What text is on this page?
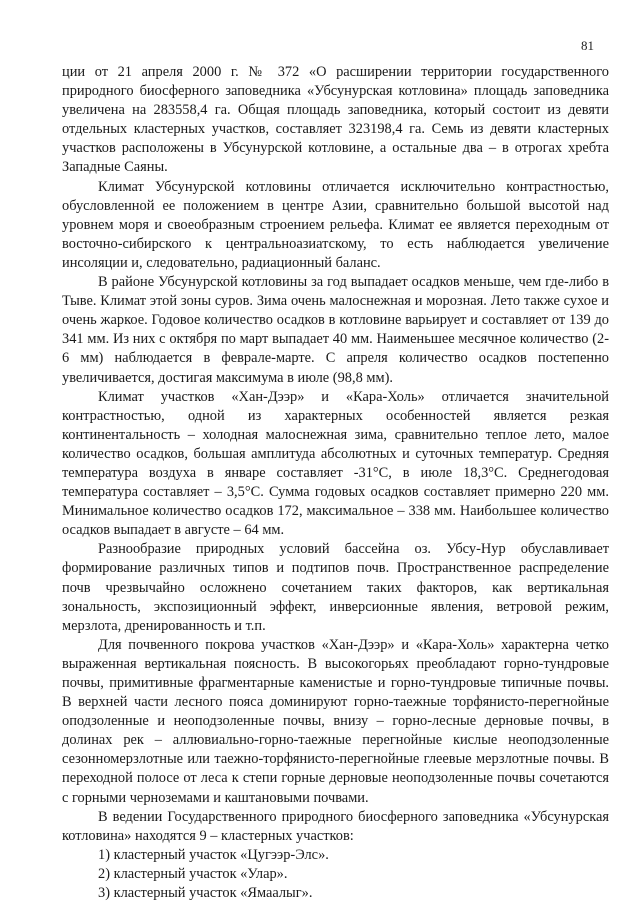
81

ции от 21 апреля 2000 г. № 372 «О расширении территории государственного природного биосферного заповедника «Убсунурская котловина» площадь заповедника увеличена на 283558,4 га. Общая площадь заповедника, который состоит из девяти отдельных кластерных участков, составляет 323198,4 га. Семь из девяти кластерных участков расположены в Убсунурской котловине, а остальные два – в отрогах хребта Западные Саяны.

Климат Убсунурской котловины отличается исключительно контрастностью, обусловленной ее положением в центре Азии, сравнительно большой высотой над уровнем моря и своеобразным строением рельефа. Климат ее является переходным от восточно-сибирского к центральноазиатскому, то есть наблюдается увеличение инсоляции и, следовательно, радиационный баланс.

В районе Убсунурской котловины за год выпадает осадков меньше, чем где-либо в Тыве. Климат этой зоны суров. Зима очень малоснежная и морозная. Лето также сухое и очень жаркое. Годовое количество осадков в котловине варьирует и составляет от 139 до 341 мм. Из них с октября по март выпадает 40 мм. Наименьшее месячное количество (2-6 мм) наблюдается в феврале-марте. С апреля количество осадков постепенно увеличивается, достигая максимума в июле (98,8 мм).

Климат участков «Хан-Дээр» и «Кара-Холь» отличается значительной контрастностью, одной из характерных особенностей является резкая континентальность – холодная малоснежная зима, сравнительно теплое лето, малое количество осадков, большая амплитуда абсолютных и суточных температур. Средняя температура воздуха в январе составляет -31°C, в июле 18,3°C. Среднегодовая температура составляет – 3,5°C. Сумма годовых осадков составляет примерно 220 мм. Минимальное количество осадков 172, максимальное – 338 мм. Наибольшее количество осадков выпадает в августе – 64 мм.

Разнообразие природных условий бассейна оз. Убсу-Нур обуславливает формирование различных типов и подтипов почв. Пространственное распределение почв чрезвычайно осложнено сочетанием таких факторов, как вертикальная зональность, экспозиционный эффект, инверсионные явления, ветровой режим, мерзлота, дренированность и т.п.

Для почвенного покрова участков «Хан-Дээр» и «Кара-Холь» характерна четко выраженная вертикальная поясность. В высокогорьях преобладают горно-тундровые почвы, примитивные фрагментарные каменистые и горно-тундровые типичные почвы. В верхней части лесного пояса доминируют горно-таежные торфянисто-перегнойные оподзоленные и неоподзоленные почвы, внизу – горно-лесные дерновые почвы, в долинах рек – аллювиально-горно-таежные перегнойные кислые неоподзоленные сезонномерзлотные или таежно-торфянисто-перегнойные глеевые мерзлотные почвы. В переходной полосе от леса к степи горные дерновые неоподзоленные почвы сочетаются с горными черноземами и каштановыми почвами.

В ведении Государственного природного биосферного заповедника «Убсунурская котловина» находятся 9 – кластерных участков:

1) кластерный участок «Цугээр-Элс».
2) кластерный участок «Улар».
3) кластерный участок «Ямаалыг».
